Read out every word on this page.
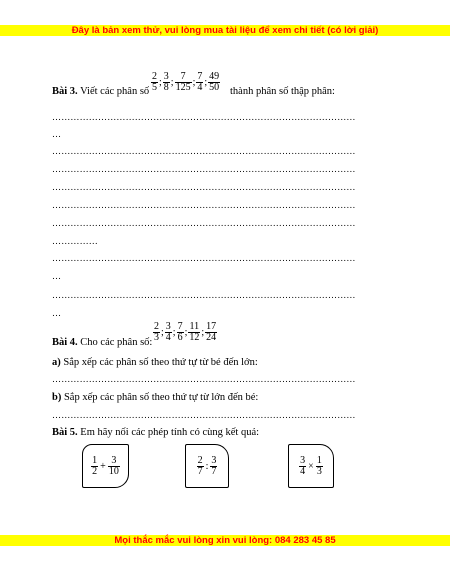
Đây là bản xem thử, vui lòng mua tài liệu để xem chi tiết (có lời giải)
Bài 3. Viết các phân số $\frac{2}{5}$ ; $\frac{3}{8}$ ; $\frac{7}{125}$ ; $\frac{7}{4}$ ; $\frac{49}{50}$ thành phân số thập phân:
………………………………………………………………………………………
…
………………………………………………………………………………………
………………………………………………………………………………………
………………………………………………………………………………………
………………………………………………………………………………………
………………………………………………………………………………………
……………
………………………………………………………………………………………
…
………………………………………………………………………………………
…
Bài 4. Cho các phân số: $\frac{2}{3}$ ; $\frac{3}{4}$ ; $\frac{7}{6}$ ; $\frac{11}{12}$ ; $\frac{17}{24}$
a) Sắp xếp các phân số theo thứ tự từ bé đến lớn:
………………………………………………………………………………………
b) Sắp xếp các phân số theo thứ tự từ lớn đến bé:
………………………………………………………………………………………
Bài 5. Em hãy nối các phép tính có cùng kết quả:
$\frac{1}{2} + \frac{3}{10}$	$\frac{2}{7}$ : $\frac{3}{7}$	$\frac{3}{4} \times \frac{1}{3}$
Mọi thắc mắc vui lòng xin vui lòng: 084 283 45 85
